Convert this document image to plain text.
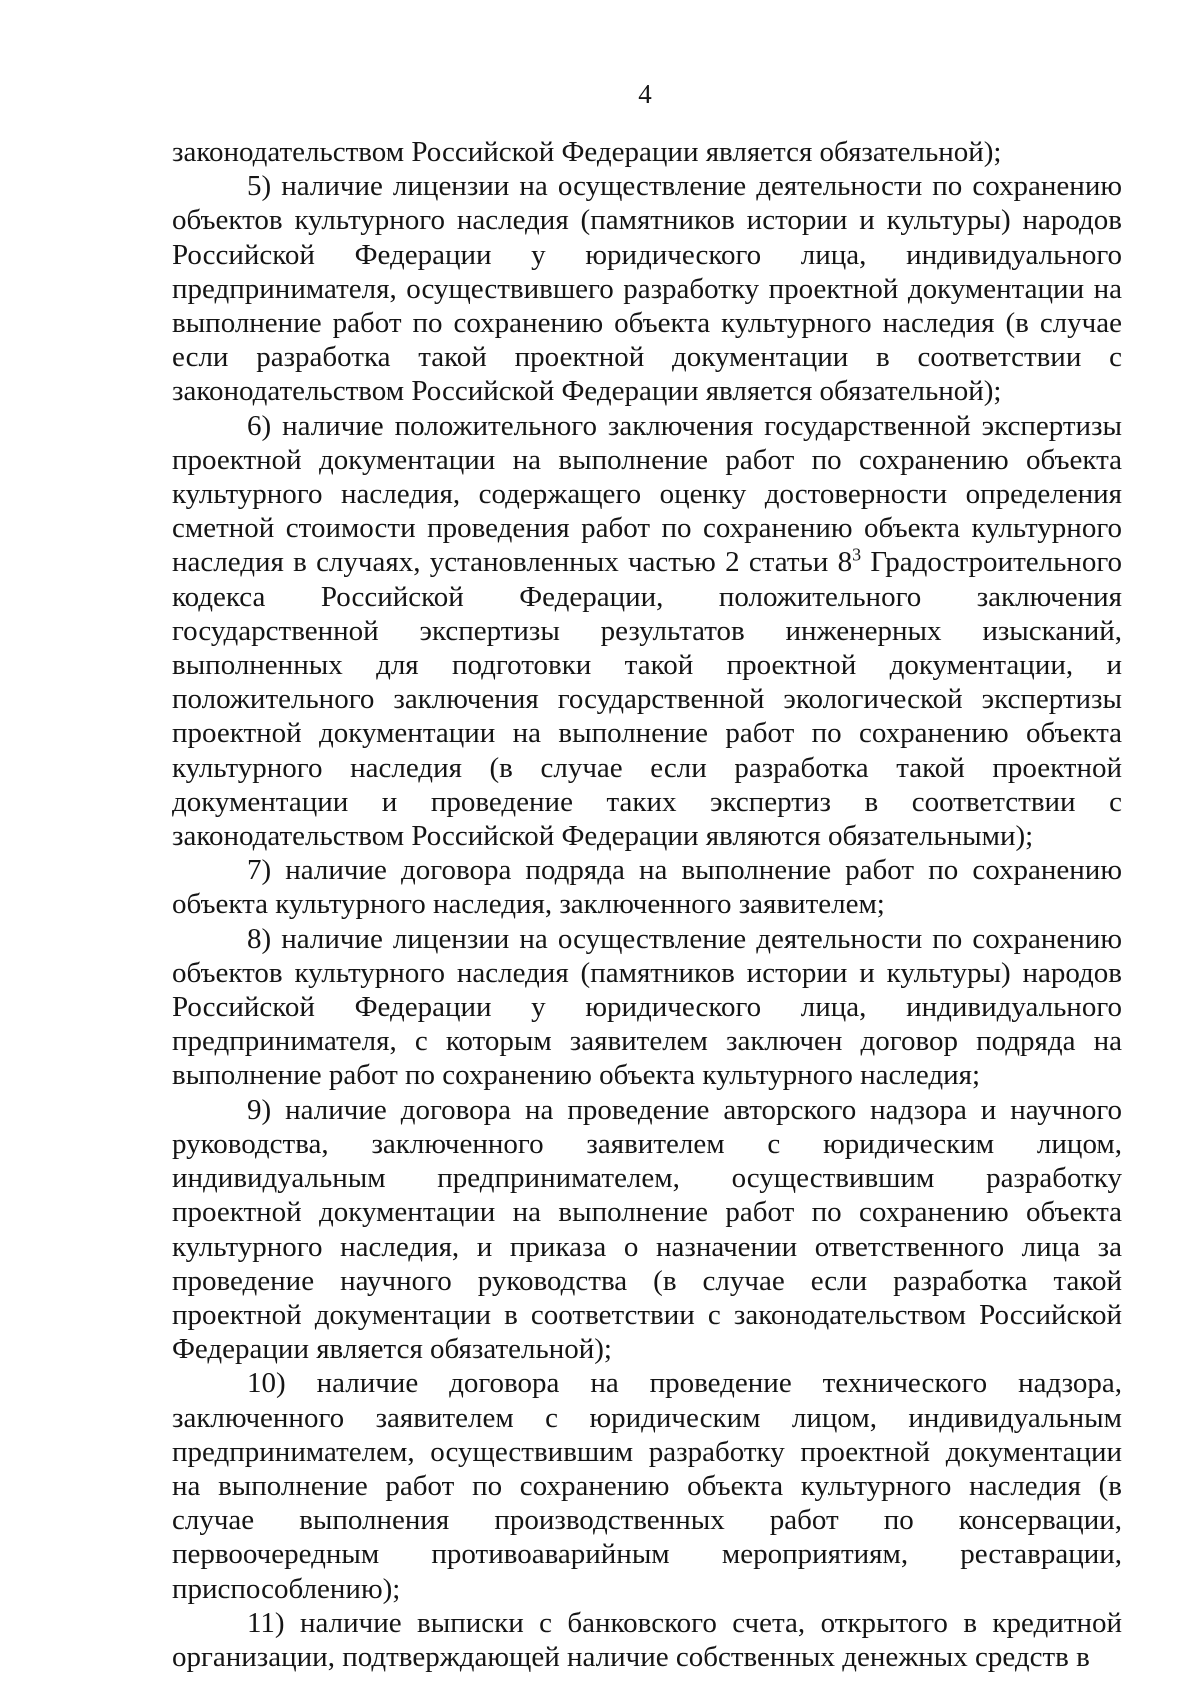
4

законодательством Российской Федерации является обязательной);

5) наличие лицензии на осуществление деятельности по сохранению объектов культурного наследия (памятников истории и культуры) народов Российской Федерации у юридического лица, индивидуального предпринимателя, осуществившего разработку проектной документации на выполнение работ по сохранению объекта культурного наследия (в случае если разработка такой проектной документации в соответствии с законодательством Российской Федерации является обязательной);

6) наличие положительного заключения государственной экспертизы проектной документации на выполнение работ по сохранению объекта культурного наследия, содержащего оценку достоверности определения сметной стоимости проведения работ по сохранению объекта культурного наследия в случаях, установленных частью 2 статьи $8^3$ Градостроительного кодекса Российской Федерации, положительного заключения государственной экспертизы результатов инженерных изысканий, выполненных для подготовки такой проектной документации, и положительного заключения государственной экологической экспертизы проектной документации на выполнение работ по сохранению объекта культурного наследия (в случае если разработка такой проектной документации и проведение таких экспертиз в соответствии с законодательством Российской Федерации являются обязательными);

7) наличие договора подряда на выполнение работ по сохранению объекта культурного наследия, заключенного заявителем;

8) наличие лицензии на осуществление деятельности по сохранению объектов культурного наследия (памятников истории и культуры) народов Российской Федерации у юридического лица, индивидуального предпринимателя, с которым заявителем заключен договор подряда на выполнение работ по сохранению объекта культурного наследия;

9) наличие договора на проведение авторского надзора и научного руководства, заключенного заявителем с юридическим лицом, индивидуальным предпринимателем, осуществившим разработку проектной документации на выполнение работ по сохранению объекта культурного наследия, и приказа о назначении ответственного лица за проведение научного руководства (в случае если разработка такой проектной документации в соответствии с законодательством Российской Федерации является обязательной);

10) наличие договора на проведение технического надзора, заключенного заявителем с юридическим лицом, индивидуальным предпринимателем, осуществившим разработку проектной документации на выполнение работ по сохранению объекта культурного наследия (в случае выполнения производственных работ по консервации, первоочередным противоаварийным мероприятиям, реставрации, приспособлению);

11) наличие выписки с банковского счета, открытого в кредитной организации, подтверждающей наличие собственных денежных средств в
